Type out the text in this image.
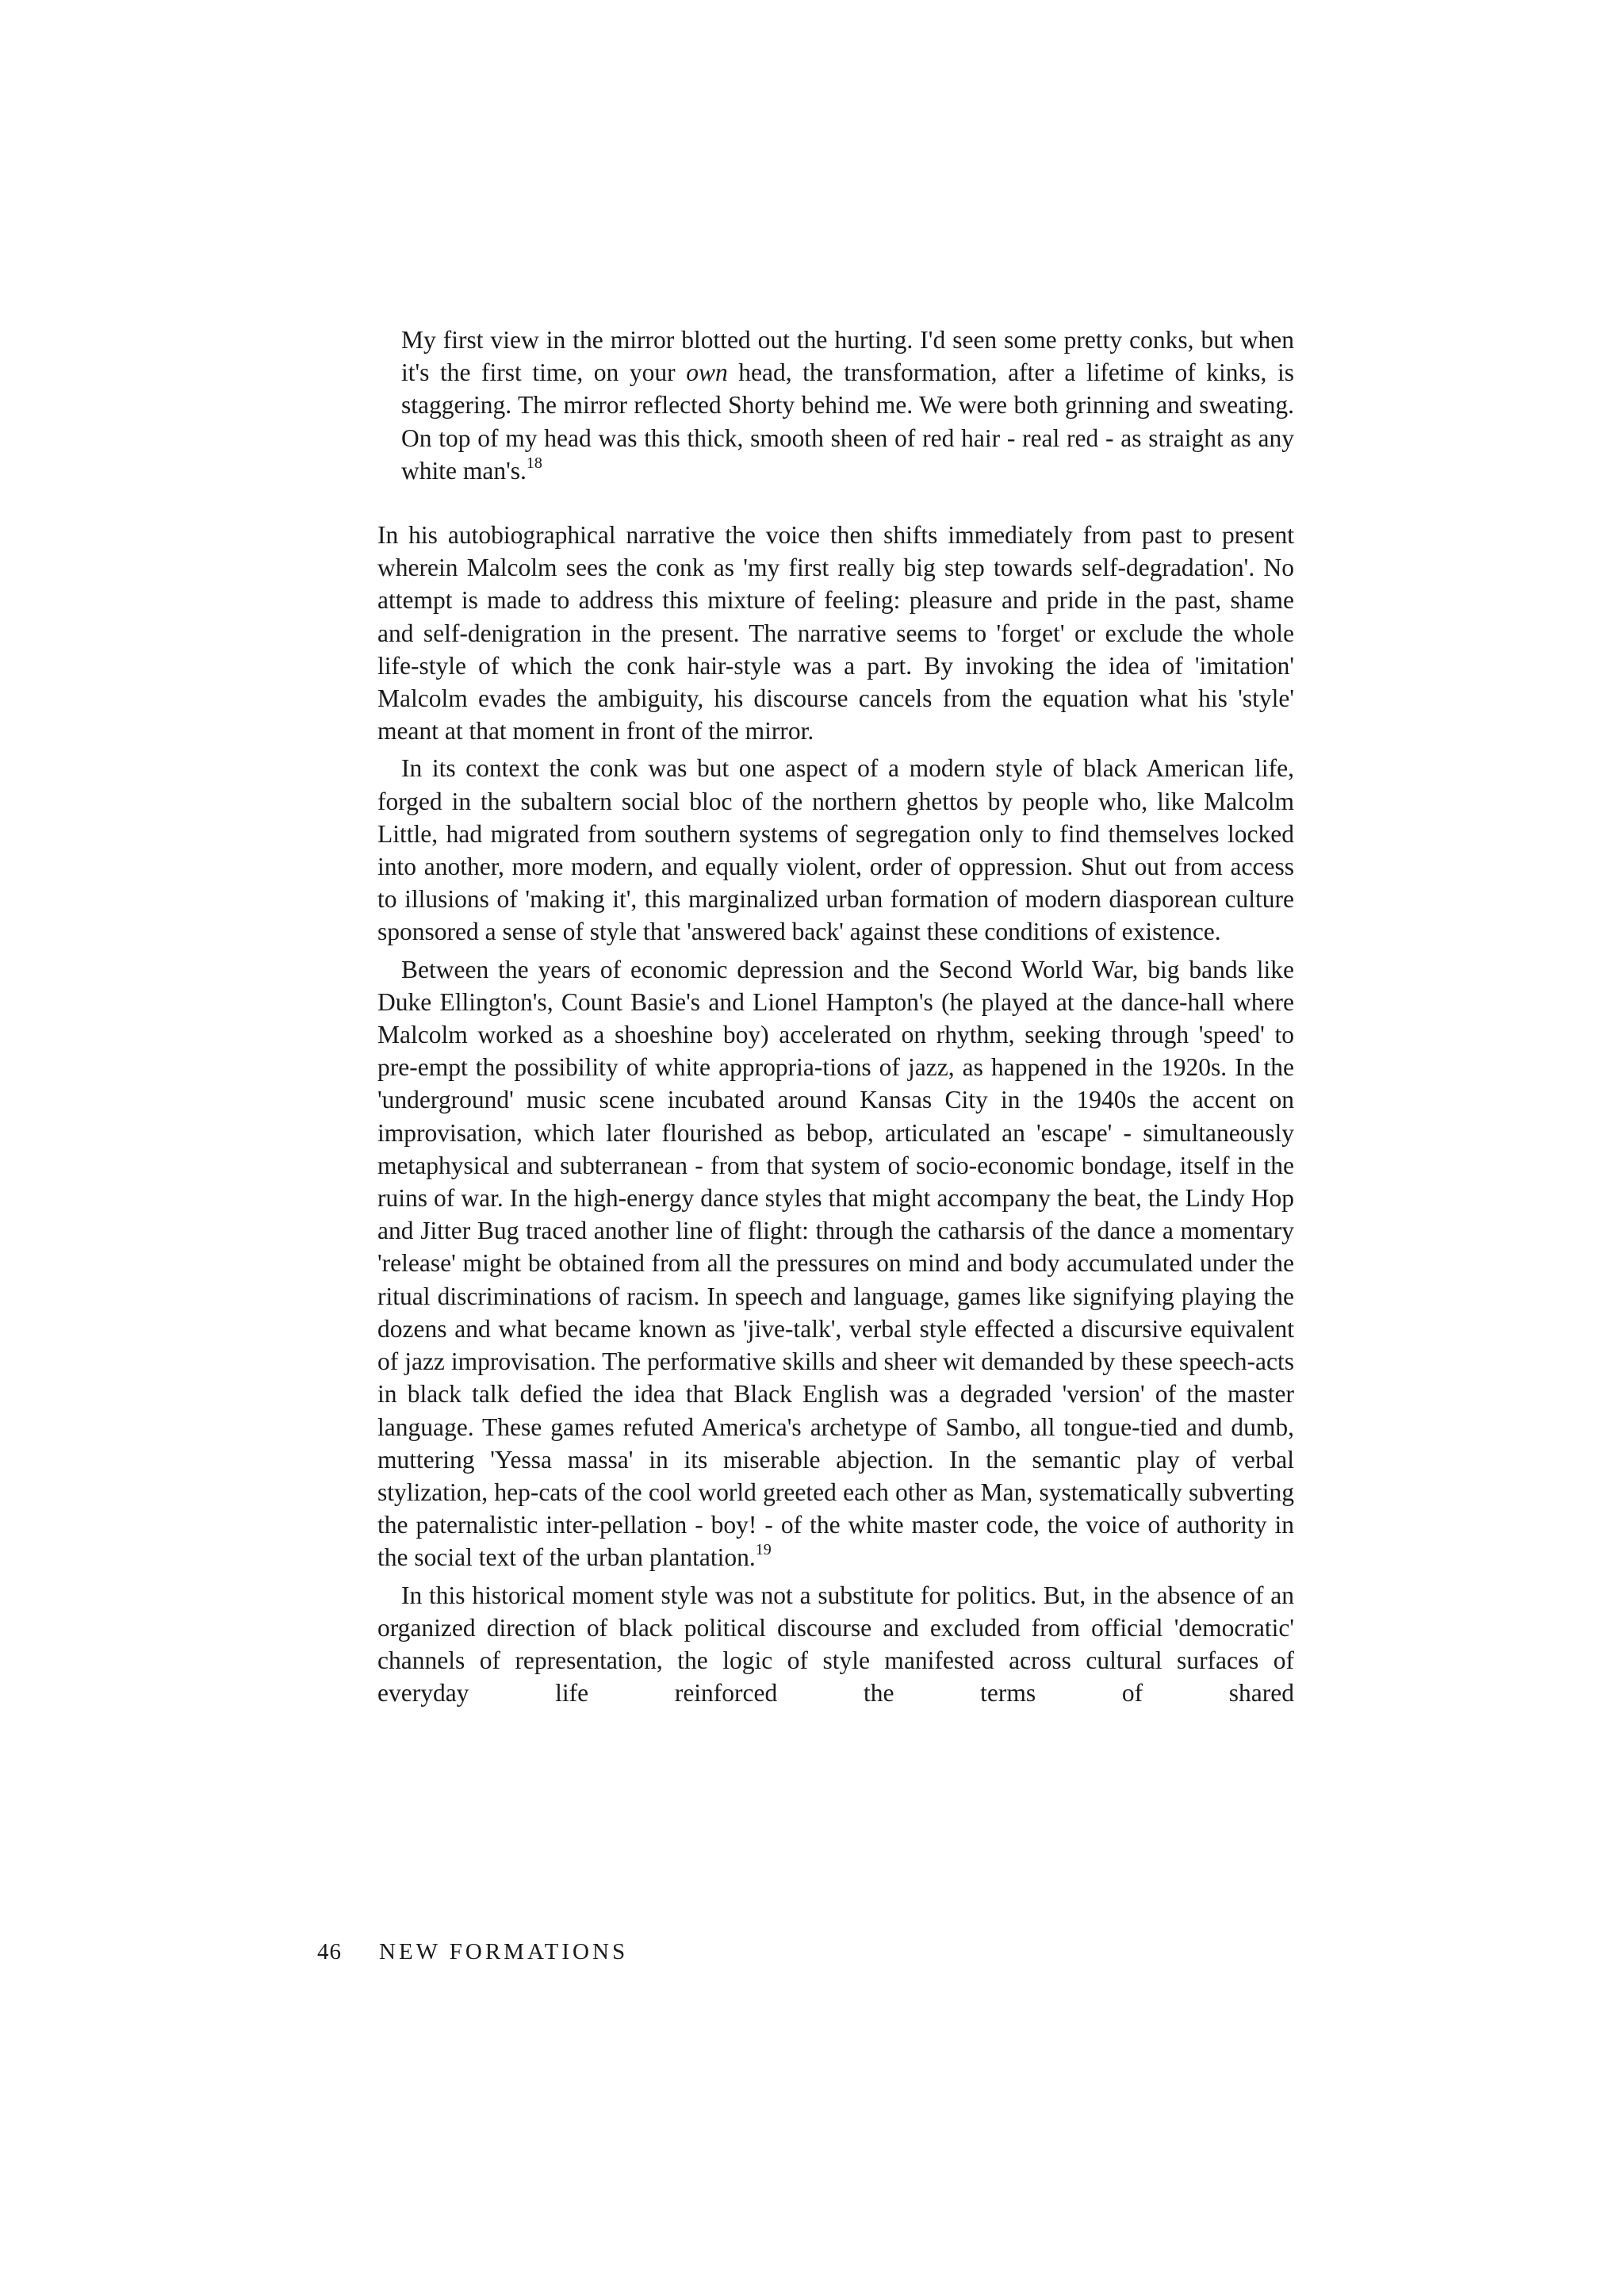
My first view in the mirror blotted out the hurting. I'd seen some pretty conks, but when it's the first time, on your own head, the transformation, after a lifetime of kinks, is staggering. The mirror reflected Shorty behind me. We were both grinning and sweating. On top of my head was this thick, smooth sheen of red hair - real red - as straight as any white man's.$^{18}$

In his autobiographical narrative the voice then shifts immediately from past to present wherein Malcolm sees the conk as 'my first really big step towards self-degradation'. No attempt is made to address this mixture of feeling: pleasure and pride in the past, shame and self-denigration in the present. The narrative seems to 'forget' or exclude the whole life-style of which the conk hair-style was a part. By invoking the idea of 'imitation' Malcolm evades the ambiguity, his discourse cancels from the equation what his 'style' meant at that moment in front of the mirror.

In its context the conk was but one aspect of a modern style of black American life, forged in the subaltern social bloc of the northern ghettos by people who, like Malcolm Little, had migrated from southern systems of segregation only to find themselves locked into another, more modern, and equally violent, order of oppression. Shut out from access to illusions of 'making it', this marginalized urban formation of modern diasporean culture sponsored a sense of style that 'answered back' against these conditions of existence.

Between the years of economic depression and the Second World War, big bands like Duke Ellington's, Count Basie's and Lionel Hampton's (he played at the dance-hall where Malcolm worked as a shoeshine boy) accelerated on rhythm, seeking through 'speed' to pre-empt the possibility of white appropria-tions of jazz, as happened in the 1920s. In the 'underground' music scene incubated around Kansas City in the 1940s the accent on improvisation, which later flourished as bebop, articulated an 'escape' - simultaneously metaphysical and subterranean - from that system of socio-economic bondage, itself in the ruins of war. In the high-energy dance styles that might accompany the beat, the Lindy Hop and Jitter Bug traced another line of flight: through the catharsis of the dance a momentary 'release' might be obtained from all the pressures on mind and body accumulated under the ritual discriminations of racism. In speech and language, games like signifying playing the dozens and what became known as 'jive-talk', verbal style effected a discursive equivalent of jazz improvisation. The performative skills and sheer wit demanded by these speech-acts in black talk defied the idea that Black English was a degraded 'version' of the master language. These games refuted America's archetype of Sambo, all tongue-tied and dumb, muttering 'Yessa massa' in its miserable abjection. In the semantic play of verbal stylization, hep-cats of the cool world greeted each other as Man, systematically subverting the paternalistic inter-pellation - boy! - of the white master code, the voice of authority in the social text of the urban plantation.$^{19}$

In this historical moment style was not a substitute for politics. But, in the absence of an organized direction of black political discourse and excluded from official 'democratic' channels of representation, the logic of style manifested across cultural surfaces of everyday life reinforced the terms of shared

46 NEW FORMATIONS
